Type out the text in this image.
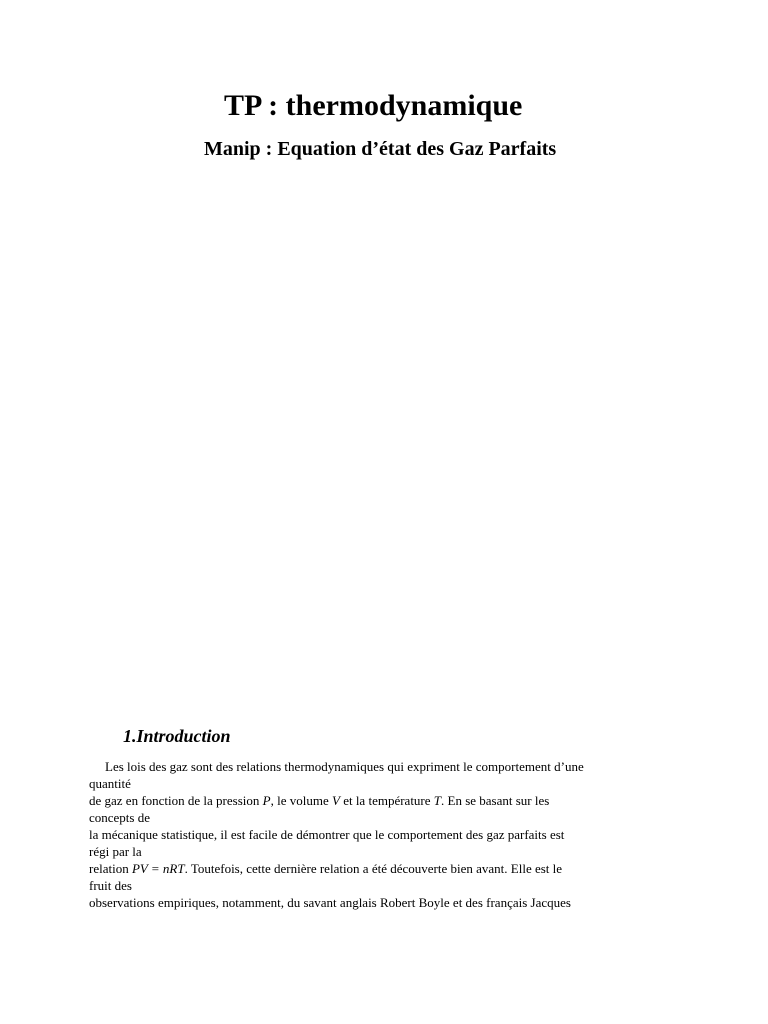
TP : thermodynamique
Manip : Equation d’état des Gaz Parfaits
1.Introduction
Les lois des gaz sont des relations thermodynamiques qui expriment le comportement d’une
quantité
de gaz en fonction de la pression P, le volume V et la température T. En se basant sur les
concepts de
la mécanique statistique, il est facile de démontrer que le comportement des gaz parfaits est
régi par la
relation PV = nRT. Toutefois, cette dernière relation a été découverte bien avant. Elle est le
fruit des
observations empiriques, notamment, du savant anglais Robert Boyle et des français Jacques
